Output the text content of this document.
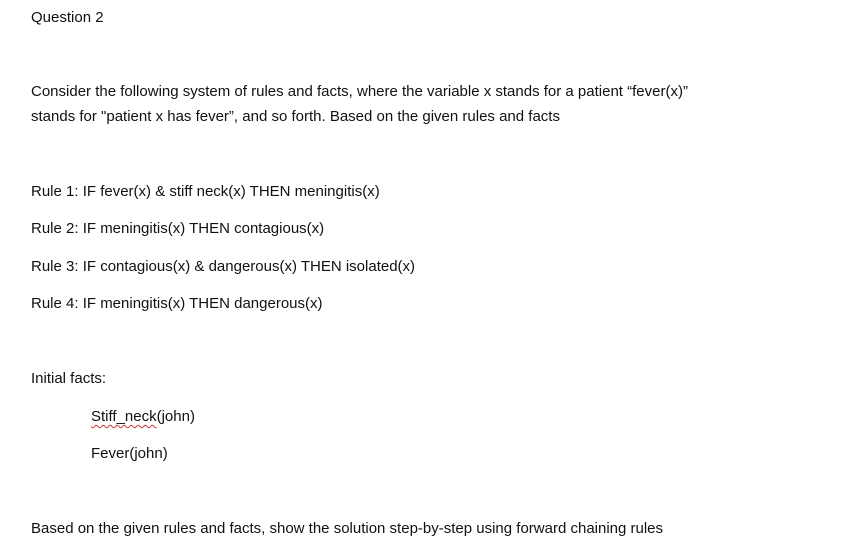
Question 2
Consider the following system of rules and facts, where the variable x stands for a patient “fever(x)”
stands for "patient x has fever”, and so forth. Based on the given rules and facts
Rule 1: IF fever(x) & stiff neck(x) THEN meningitis(x)
Rule 2: IF meningitis(x) THEN contagious(x)
Rule 3: IF contagious(x) & dangerous(x) THEN isolated(x)
Rule 4: IF meningitis(x) THEN dangerous(x)
Initial facts:
Stiff_neck(john)
Fever(john)
Based on the given rules and facts, show the solution step-by-step using forward chaining rules
